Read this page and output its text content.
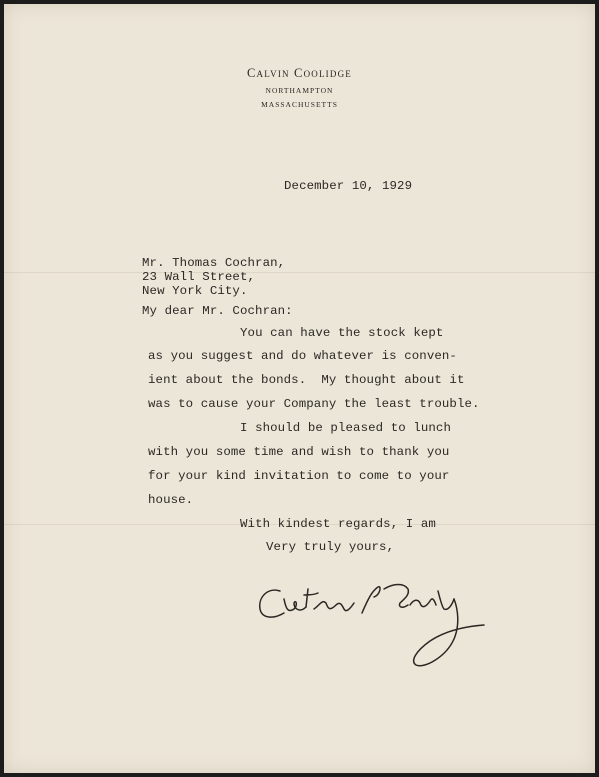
Calvin Coolidge
NORTHAMPTON
MASSACHUSETTS
December 10, 1929
Mr. Thomas Cochran,
23 Wall Street,
New York City.
My dear Mr. Cochran:
You can have the stock kept
as you suggest and do whatever is conven-
ient about the bonds.  My thought about it
was to cause your Company the least trouble.
I should be pleased to lunch
with you some time and wish to thank you
for your kind invitation to come to your
house.
With kindest regards, I am
Very truly yours,
